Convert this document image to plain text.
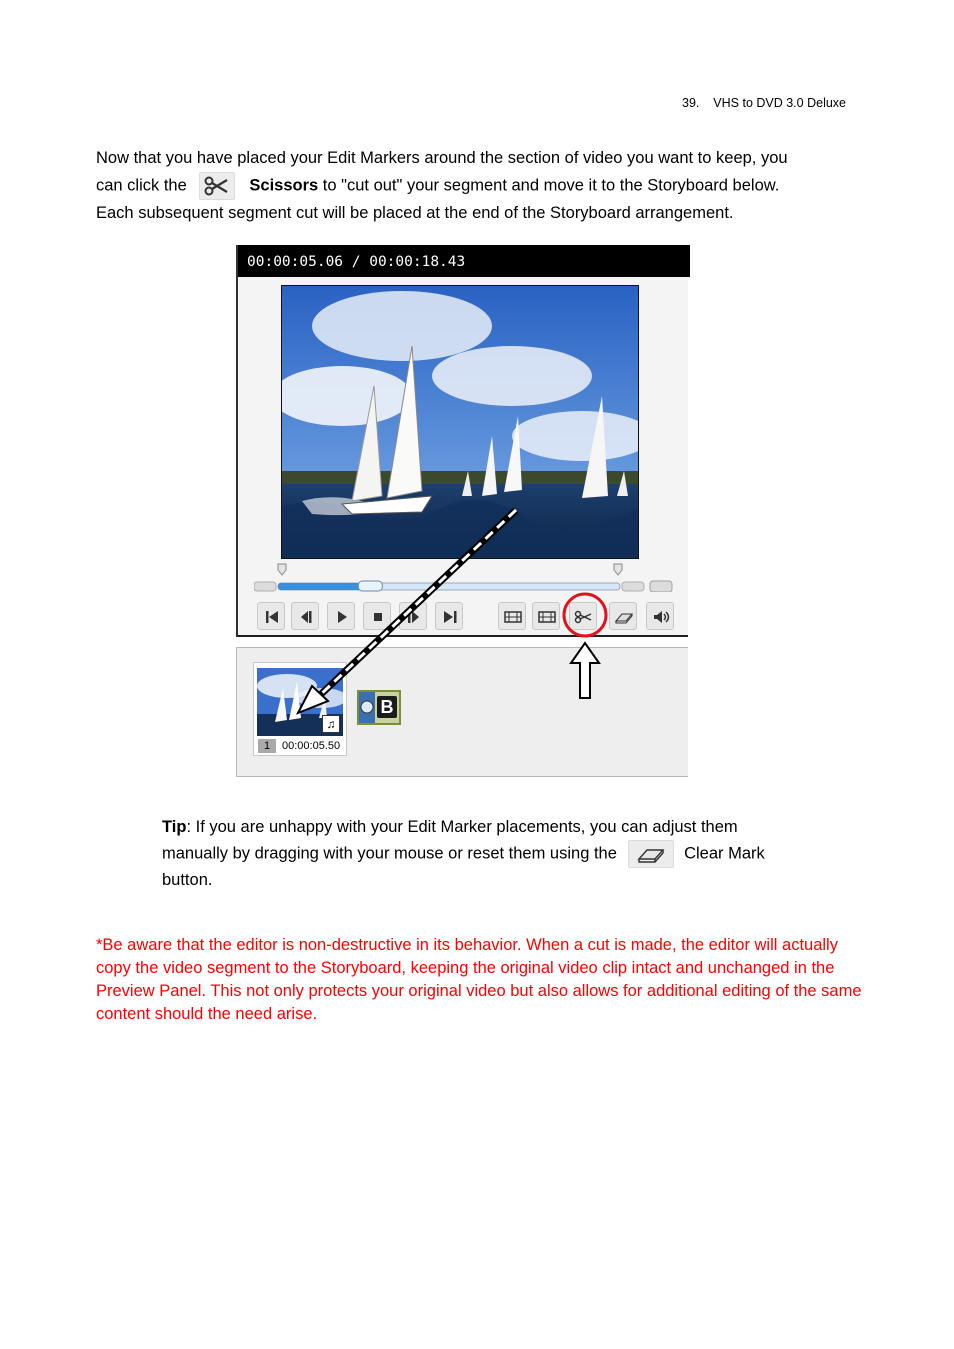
39. VHS to DVD 3.0 Deluxe
Now that you have placed your Edit Markers around the section of video you want to keep, you
can click the	Scissors to "cut out" your segment and move it to the Storyboard below.
Each subsequent segment cut will be placed at the end of the Storyboard arrangement.
00:00:05.06 / 00:00:18.43
♫
1	00:00:05.50
B
Tip: If you are unhappy with your Edit Marker placements, you can adjust them
manually by dragging with your mouse or reset them using the	Clear Mark
button.
*Be aware that the editor is non-destructive in its behavior. When a cut is made, the editor will actually copy the video segment to the Storyboard, keeping the original video clip intact and unchanged in the Preview Panel. This not only protects your original video but also allows for additional editing of the same content should the need arise.
